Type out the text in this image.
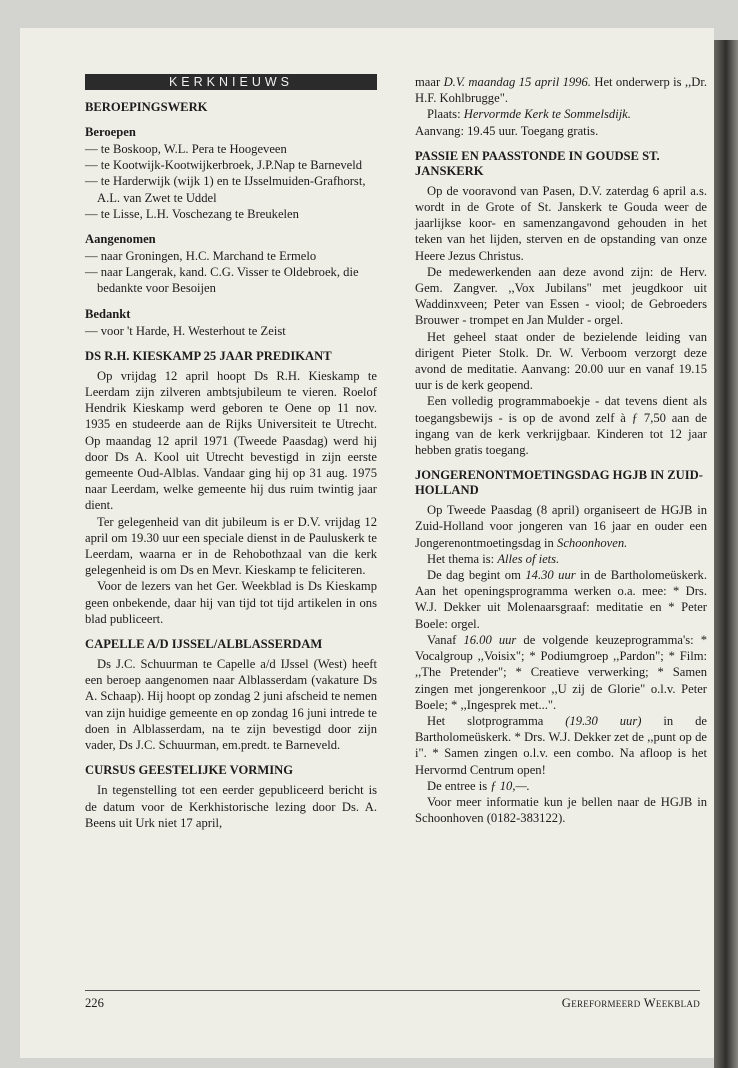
KERKNIEUWS
BEROEPINGSWERK
Beroepen

— te Boskoop, W.L. Pera te Hoogeveen

— te Kootwijk-Kootwijkerbroek, J.P.Nap te Barneveld

— te Harderwijk (wijk 1) en te IJsselmuiden-Grafhorst, A.L. van Zwet te Uddel

— te Lisse, L.H. Voschezang te Breukelen

Aangenomen

— naar Groningen, H.C. Marchand te Ermelo

— naar Langerak, kand. C.G. Visser te Oldebroek, die bedankte voor Besoijen

Bedankt

— voor 't Harde, H. Westerhout te Zeist

DS R.H. KIESKAMP 25 JAAR PREDIKANT

Op vrijdag 12 april hoopt Ds R.H. Kieskamp te Leerdam zijn zilveren ambtsjubileum te vieren. Roelof Hendrik Kieskamp werd geboren te Oene op 11 nov. 1935 en studeerde aan de Rijks Universiteit te Utrecht. Op maandag 12 april 1971 (Tweede Paasdag) werd hij door Ds A. Kool uit Utrecht bevestigd in zijn eerste gemeente Oud-Alblas. Vandaar ging hij op 31 aug. 1975 naar Leerdam, welke gemeente hij dus ruim twintig jaar dient.

Ter gelegenheid van dit jubileum is er D.V. vrijdag 12 april om 19.30 uur een speciale dienst in de Pauluskerk te Leerdam, waarna er in de Rehobothzaal van die kerk gelegenheid is om Ds en Mevr. Kieskamp te feliciteren.

Voor de lezers van het Ger. Weekblad is Ds Kieskamp geen onbekende, daar hij van tijd tot tijd artikelen in ons blad publiceert.

CAPELLE A/D IJSSEL/ALBLASSERDAM

Ds J.C. Schuurman te Capelle a/d IJssel (West) heeft een beroep aangenomen naar Alblasserdam (vakature Ds A. Schaap). Hij hoopt op zondag 2 juni afscheid te nemen van zijn huidige gemeente en op zondag 16 juni intrede te doen in Alblasserdam, na te zijn bevestigd door zijn vader, Ds J.C. Schuurman, em.predt. te Barneveld.

CURSUS GEESTELIJKE VORMING

In tegenstelling tot een eerder gepubliceerd bericht is de datum voor de Kerkhistorische lezing door Ds. A. Beens uit Urk niet 17 april,

maar D.V. maandag 15 april 1996. Het onderwerp is ,,Dr. H.F. Kohlbrugge".

Plaats: Hervormde Kerk te Sommelsdijk.

Aanvang: 19.45 uur. Toegang gratis.

PASSIE EN PAASSTONDE IN GOUDSE ST. JANSKERK

Op de vooravond van Pasen, D.V. zaterdag 6 april a.s. wordt in de Grote of St. Janskerk te Gouda weer de jaarlijkse koor- en samenzangavond gehouden in het teken van het lijden, sterven en de opstanding van onze Heere Jezus Christus.

De medewerkenden aan deze avond zijn: de Herv. Gem. Zangver. ,,Vox Jubilans" met jeugdkoor uit Waddinxveen; Peter van Essen - viool; de Gebroeders Brouwer - trompet en Jan Mulder - orgel.

Het geheel staat onder de bezielende leiding van dirigent Pieter Stolk. Dr. W. Verboom verzorgt deze avond de meditatie. Aanvang: 20.00 uur en vanaf 19.15 uur is de kerk geopend.

Een volledig programmaboekje - dat tevens dient als toegangsbewijs - is op de avond zelf à ƒ 7,50 aan de ingang van de kerk verkrijgbaar. Kinderen tot 12 jaar hebben gratis toegang.

JONGERENONTMOETINGSDAG HGJB IN ZUID-HOLLAND

Op Tweede Paasdag (8 april) organiseert de HGJB in Zuid-Holland voor jongeren van 16 jaar en ouder een Jongerenontmoetingsdag in Schoonhoven.

Het thema is: Alles of iets.

De dag begint om 14.30 uur in de Bartholomeüskerk. Aan het openingsprogramma werken o.a. mee: * Drs. W.J. Dekker uit Molenaarsgraaf: meditatie en * Peter Boele: orgel.

Vanaf 16.00 uur de volgende keuzeprogramma's: * Vocalgroup ,,Voisix"; * Podiumgroep ,,Pardon"; * Film: ,,The Pretender"; * Creatieve verwerking; * Samen zingen met jongerenkoor ,,U zij de Glorie" o.l.v. Peter Boele; * ,,Ingesprek met...".

Het slotprogramma (19.30 uur) in de Bartholomeüskerk. * Drs. W.J. Dekker zet de ,,punt op de i". * Samen zingen o.l.v. een combo. Na afloop is het Hervormd Centrum open!

De entree is ƒ 10,—.

Voor meer informatie kun je bellen naar de HGJB in Schoonhoven (0182-383122).

226	Gereformeerd Weekblad
